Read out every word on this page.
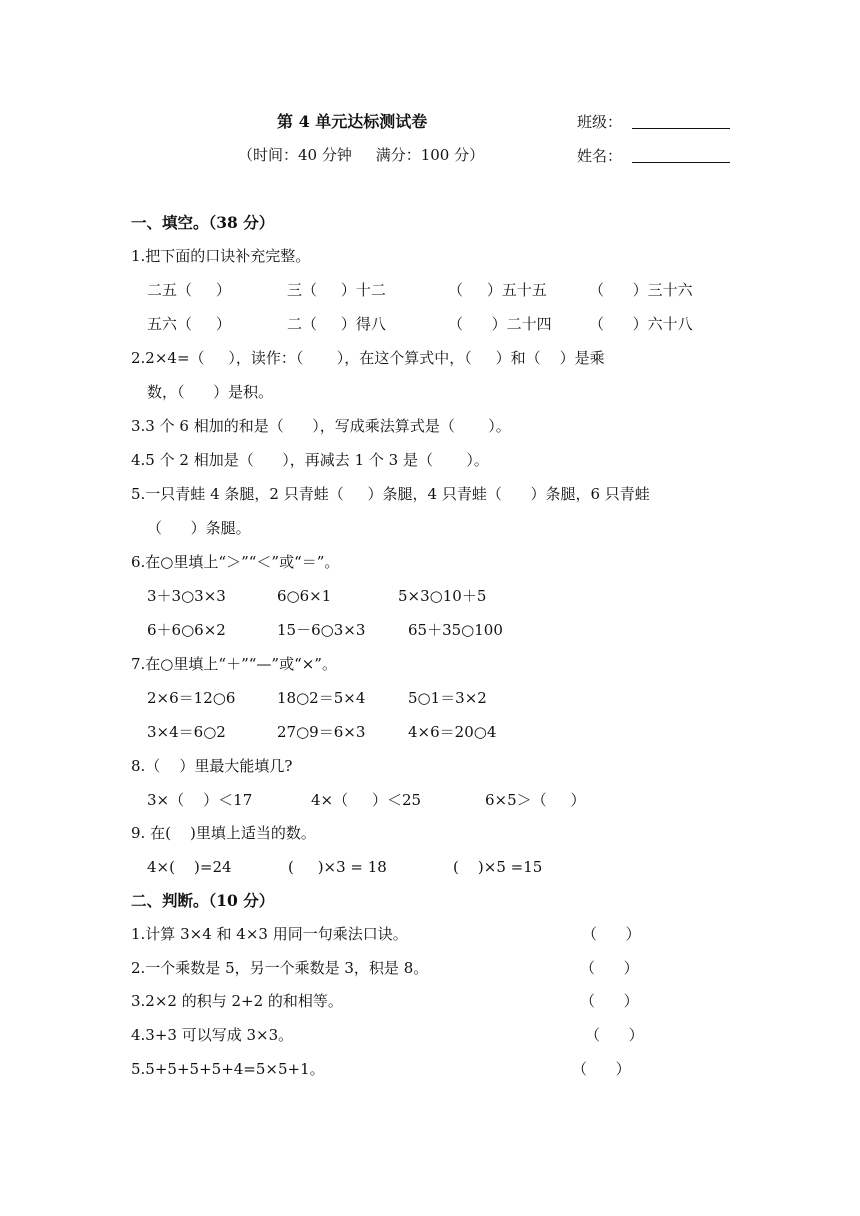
第 4 单元达标测试卷
（时间：40 分钟     满分：100 分）
班级：
姓名：
一、填空。（38 分）
1.把下面的口诀补充完整。
二五（     ）	三（     ）十二	（     ）五十五	（      ）三十六
五六（     ）	二（     ）得八	（      ）二十四 （      ）六十八
2.2×4=（     ），读作：（       ），在这个算式中，（     ）和（    ）是乘
数，（      ）是积。
3.3 个 6 相加的和是（      ），写成乘法算式是（       ）。
4.5 个 2 相加是（      ），再减去 1 个 3 是（       ）。
5.一只青蛙 4 条腿，2 只青蛙（     ）条腿，4 只青蛙（      ）条腿，6 只青蛙
（      ）条腿。
6.在○里填上“＞”“＜”或“＝”。
3＋3○3×3	6○6×1	5×3○10＋5
6＋6○6×2	15－6○3×3	65＋35○100
7.在○里填上“＋”“—”或“×”。
2×6＝12○6	18○2＝5×4	5○1＝3×2
3×4＝6○2	27○9＝6×3	4×6＝20○4
8.（    ）里最大能填几?
3×（    ）＜17	4×（     ）＜25	6×5＞（     ）
9. 在(    )里填上适当的数。
4×(    )=24	(     )×3 = 18	(    )×5 =15
二、判断。（10 分）
1.计算 3×4 和 4×3 用同一句乘法口诀。	（      ）
2.一个乘数是 5，另一个乘数是 3，积是 8。	（      ）
3.2×2 的积与 2+2 的和相等。	（      ）
4.3+3 可以写成 3×3。	（      ）
5.5+5+5+5+4=5×5+1。	（      ）
